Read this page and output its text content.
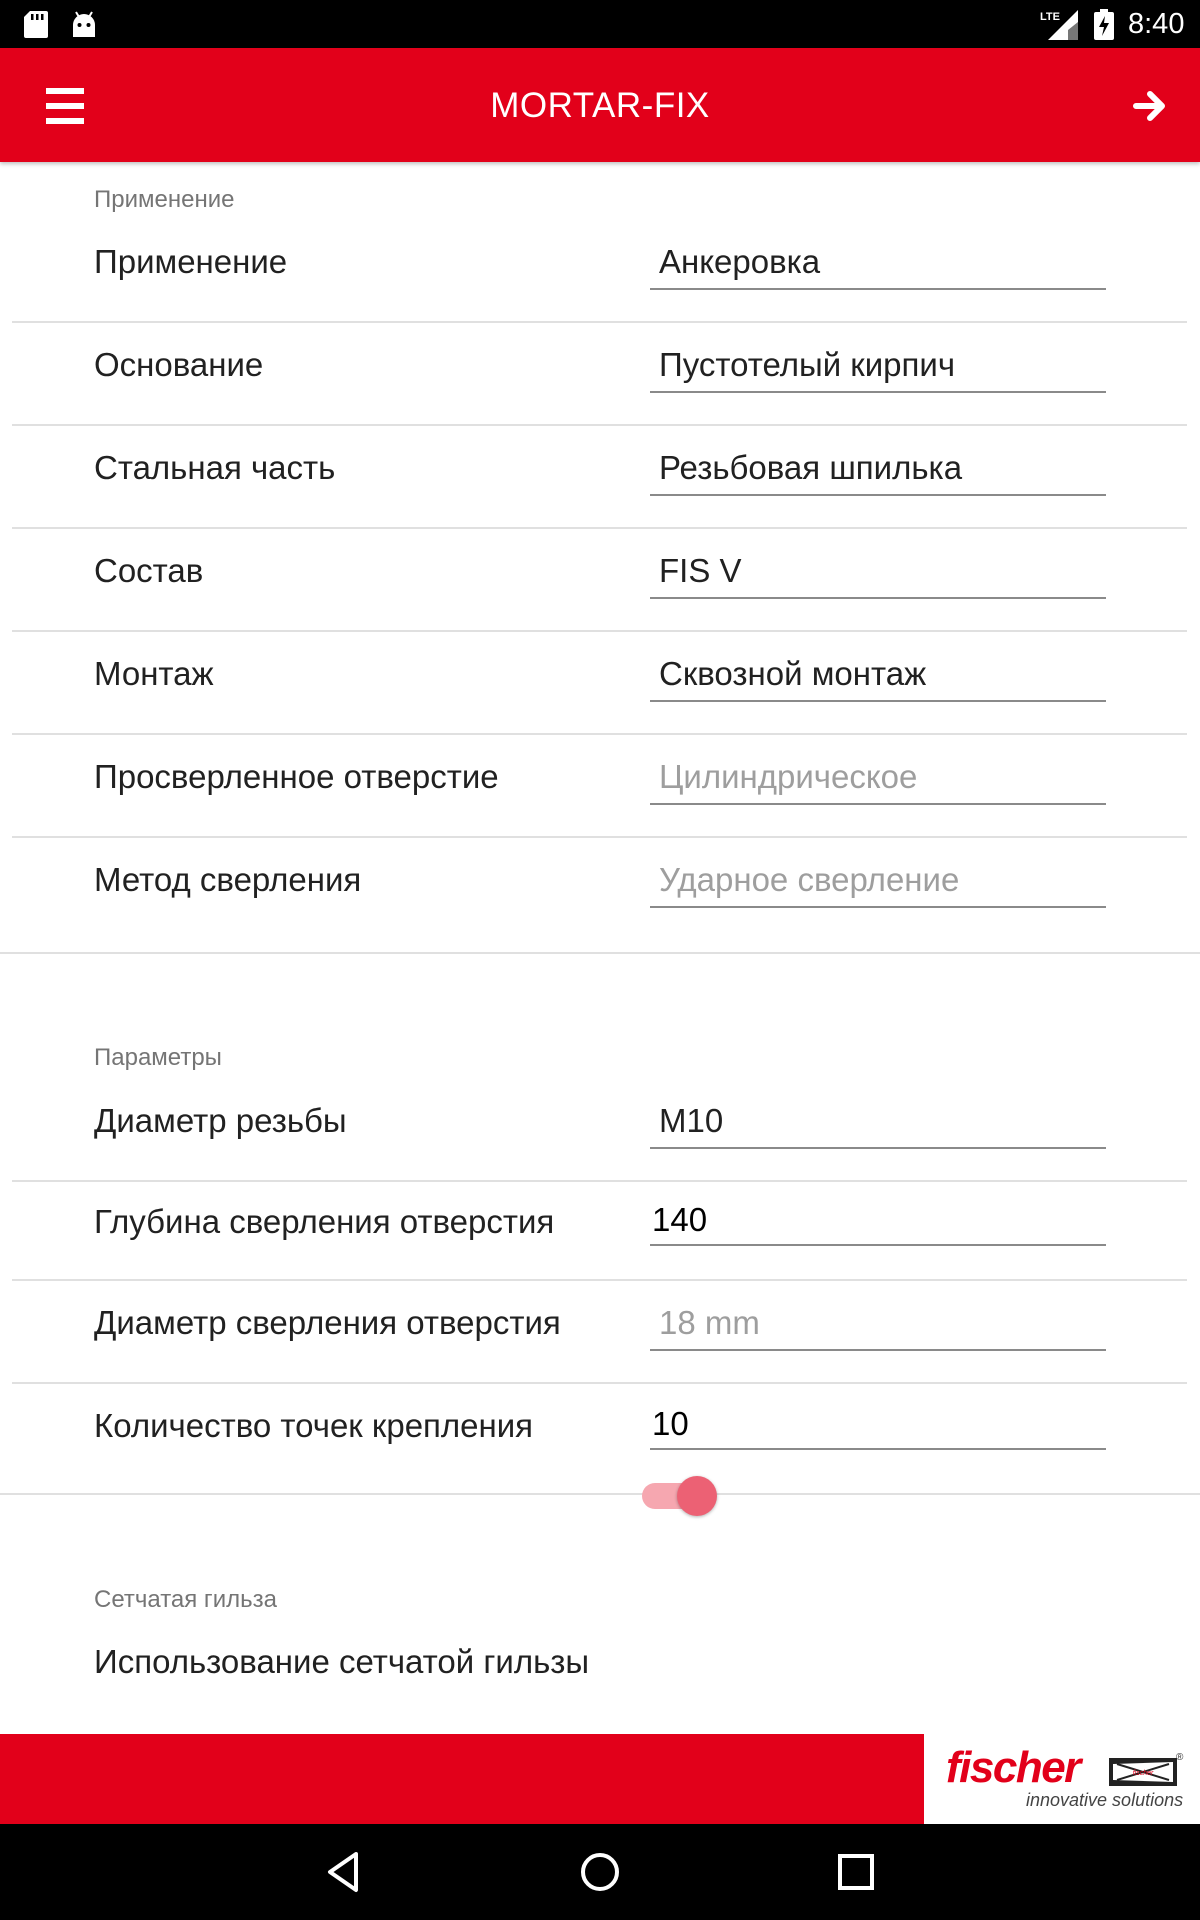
LTE 8:40
MORTAR-FIX
Применение
Применение	Анкеровка
Основание	Пустотелый кирпич
Стальная часть	Резьбовая шпилька
Состав	FIS V
Монтаж	Сквозной монтаж
Просверленное отверстие	Цилиндрическое
Метод сверления	Ударное сверление
Параметры
Диаметр резьбы	M10
Глубина сверления отверстия	140
Диаметр сверления отверстия	18 mm
Количество точек крепления	10
Сетчатая гильза
Использование сетчатой гильзы
fischer	fischer
®
innovative solutions
